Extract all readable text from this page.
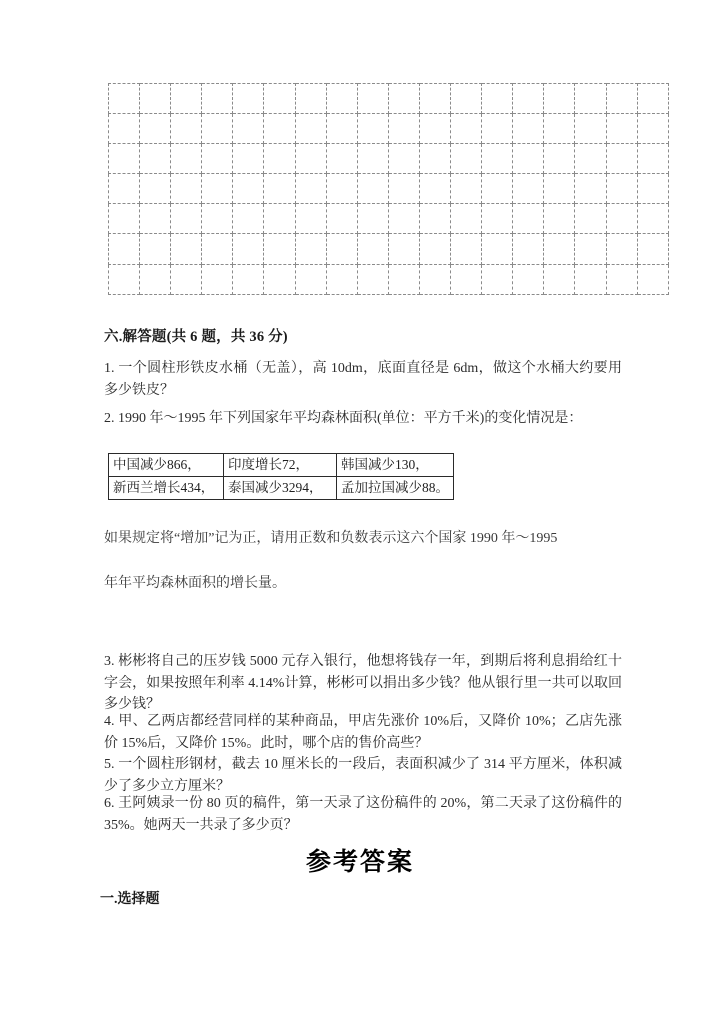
六.解答题(共 6 题，共 36 分)
1. 一个圆柱形铁皮水桶（无盖），高 10dm，底面直径是 6dm，做这个水桶大约要用多少铁皮？
2. 1990 年～1995 年下列国家年平均森林面积(单位：平方千米)的变化情况是：
中国减少866，	印度增长72，	韩国减少130，
新西兰增长434，	泰国减少3294，	孟加拉国减少88。
如果规定将“增加”记为正，请用正数和负数表示这六个国家 1990 年～1995
年年平均森林面积的增长量。
3. 彬彬将自己的压岁钱 5000 元存入银行，他想将钱存一年，到期后将利息捐给红十字会，如果按照年利率 4.14%计算，彬彬可以捐出多少钱？他从银行里一共可以取回多少钱？
4. 甲、乙两店都经营同样的某种商品，甲店先涨价 10%后，又降价 10%；乙店先涨价 15%后，又降价 15%。此时，哪个店的售价高些？
5. 一个圆柱形钢材，截去 10 厘米长的一段后，表面积减少了 314 平方厘米，体积减少了多少立方厘米？
6. 王阿姨录一份 80 页的稿件，第一天录了这份稿件的 20%，第二天录了这份稿件的 35%。她两天一共录了多少页？
参考答案
一.选择题
